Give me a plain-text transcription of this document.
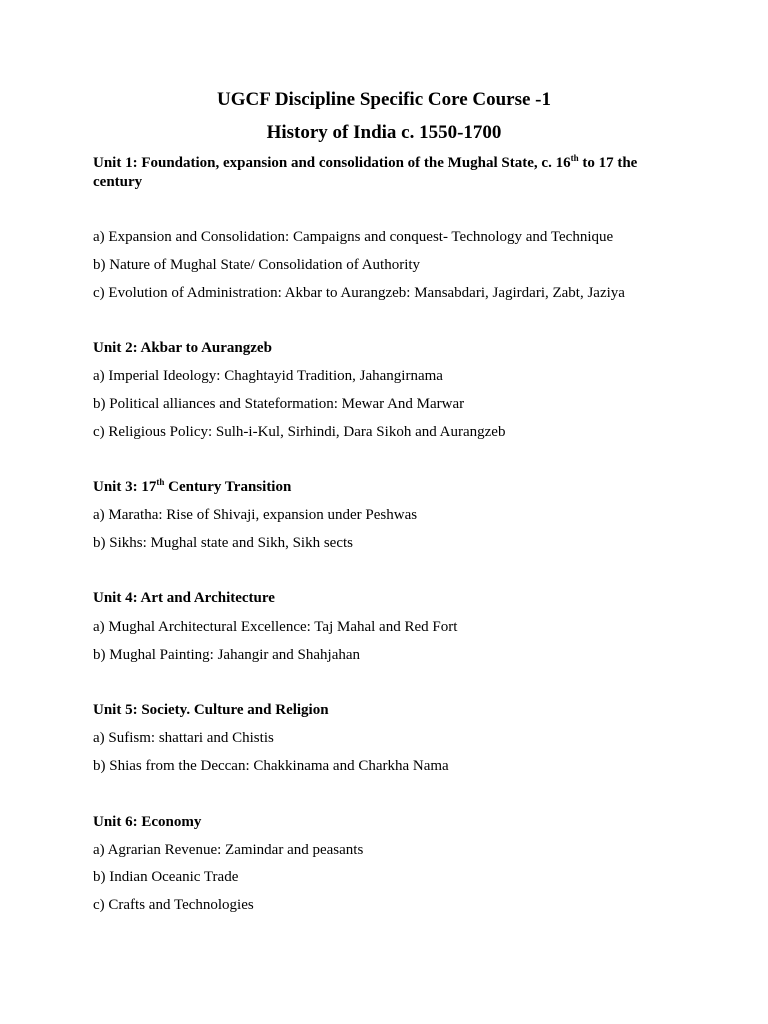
UGCF Discipline Specific Core Course -1
History of India c. 1550-1700

Unit 1: Foundation, expansion and consolidation of the Mughal State, c. 16th to 17 the century

a) Expansion and Consolidation: Campaigns and conquest- Technology and Technique

b) Nature of Mughal State/ Consolidation of Authority

c) Evolution of Administration: Akbar to Aurangzeb: Mansabdari, Jagirdari, Zabt, Jaziya

Unit 2: Akbar to Aurangzeb

a) Imperial Ideology: Chaghtayid Tradition, Jahangirnama

b) Political alliances and Stateformation: Mewar And Marwar

c) Religious Policy: Sulh-i-Kul, Sirhindi, Dara Sikoh and Aurangzeb

Unit 3: 17th Century Transition

a) Maratha: Rise of Shivaji, expansion under Peshwas

b) Sikhs: Mughal state and Sikh, Sikh sects

Unit 4: Art and Architecture

a) Mughal Architectural Excellence: Taj Mahal and Red Fort

b) Mughal Painting: Jahangir and Shahjahan

Unit 5: Society. Culture and Religion

a) Sufism: shattari and Chistis

b) Shias from the Deccan: Chakkinama and Charkha Nama

Unit 6: Economy

a) Agrarian Revenue: Zamindar and peasants

b) Indian Oceanic Trade

c) Crafts and Technologies
